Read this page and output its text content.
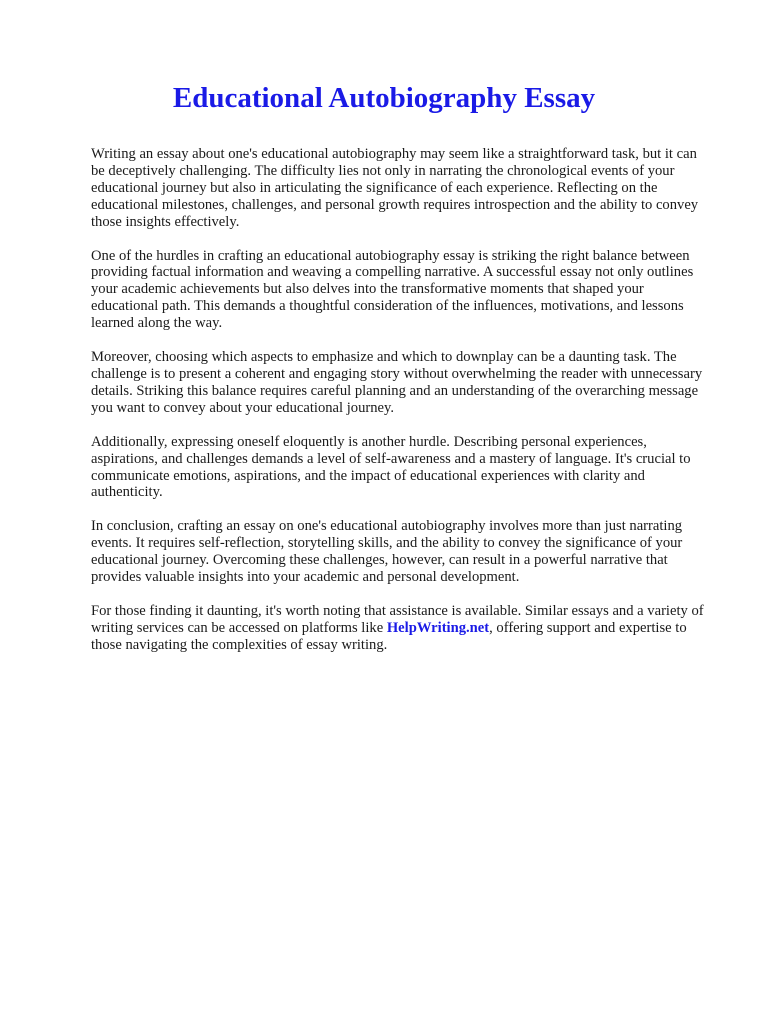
Educational Autobiography Essay

Writing an essay about one's educational autobiography may seem like a straightforward task, but it can be deceptively challenging. The difficulty lies not only in narrating the chronological events of your educational journey but also in articulating the significance of each experience. Reflecting on the educational milestones, challenges, and personal growth requires introspection and the ability to convey those insights effectively.

One of the hurdles in crafting an educational autobiography essay is striking the right balance between providing factual information and weaving a compelling narrative. A successful essay not only outlines your academic achievements but also delves into the transformative moments that shaped your educational path. This demands a thoughtful consideration of the influences, motivations, and lessons learned along the way.

Moreover, choosing which aspects to emphasize and which to downplay can be a daunting task. The challenge is to present a coherent and engaging story without overwhelming the reader with unnecessary details. Striking this balance requires careful planning and an understanding of the overarching message you want to convey about your educational journey.

Additionally, expressing oneself eloquently is another hurdle. Describing personal experiences, aspirations, and challenges demands a level of self-awareness and a mastery of language. It's crucial to communicate emotions, aspirations, and the impact of educational experiences with clarity and authenticity.

In conclusion, crafting an essay on one's educational autobiography involves more than just narrating events. It requires self-reflection, storytelling skills, and the ability to convey the significance of your educational journey. Overcoming these challenges, however, can result in a powerful narrative that provides valuable insights into your academic and personal development.

For those finding it daunting, it's worth noting that assistance is available. Similar essays and a variety of writing services can be accessed on platforms like HelpWriting.net, offering support and expertise to those navigating the complexities of essay writing.
